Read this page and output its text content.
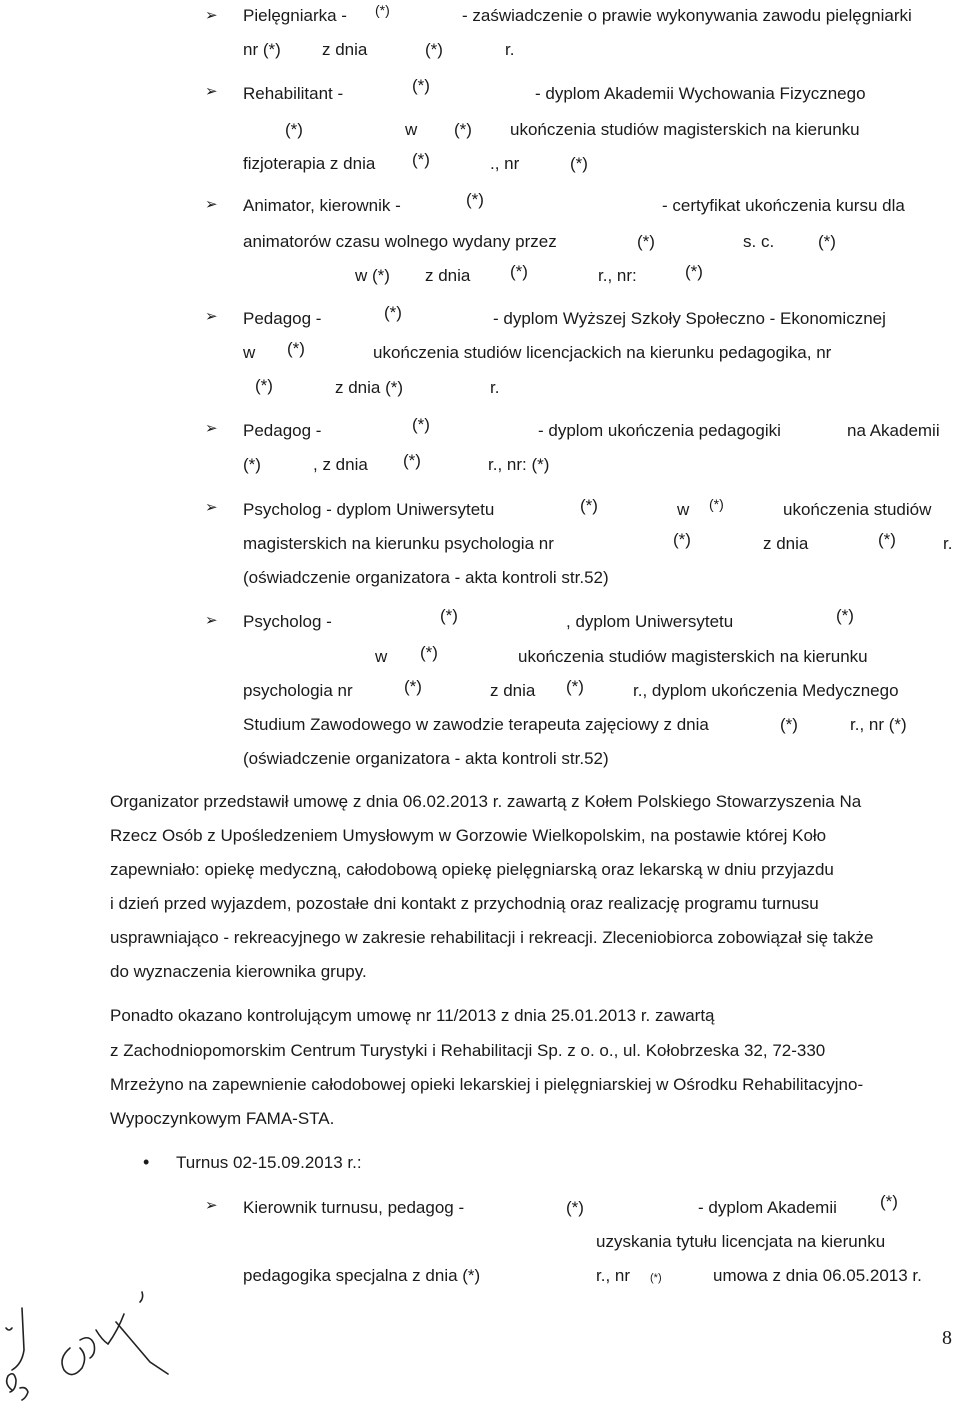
➢
➢
➢
➢
➢
➢
➢
➢
•
Pielęgniarka - (*)	- zaświadczenie o prawie wykonywania zawodu pielęgniarki
nr (*) z dnia	(*)	r.
Rehabilitant -	(*)	- dyplom Akademii Wychowania Fizycznego
(*)	w (*) ukończenia studiów magisterskich na kierunku
fizjoterapia z dnia (*)	., nr	(*)
Animator, kierownik -	(*)	- certyfikat ukończenia kursu dla
animatorów czasu wolnego wydany przez	(*)	s. c.	(*)
w (*) z dnia (*)	r., nr:	(*)
Pedagog -	(*)	- dyplom Wyższej Szkoły Społeczno - Ekonomicznej
w (*)	ukończenia studiów licencjackich na kierunku pedagogika, nr
(*)	z dnia (*)	r.
Pedagog -	(*)	- dyplom ukończenia pedagogiki	na Akademii
(*)	, z dnia (*)	r., nr: (*)
Psycholog - dyplom Uniwersytetu	(*)	w (*)	ukończenia studiów
magisterskich na kierunku psychologia nr	(*)	z dnia	(*)	r.
(oświadczenie organizatora - akta kontroli str.52)
Psycholog -	(*)	, dyplom Uniwersytetu	(*)
w (*)	ukończenia studiów magisterskich na kierunku
psychologia nr	(*)	z dnia (*)	r., dyplom ukończenia Medycznego
Studium Zawodowego w zawodzie terapeuta zajęciowy z dnia	(*)	r., nr (*)
(oświadczenie organizatora - akta kontroli str.52)
Organizator przedstawił umowę z dnia 06.02.2013 r. zawartą z Kołem Polskiego Stowarzyszenia Na
Rzecz Osób z Upośledzeniem Umysłowym w Gorzowie Wielkopolskim, na postawie której Koło
zapewniało: opiekę medyczną, całodobową opiekę pielęgniarską oraz lekarską w dniu przyjazdu
i dzień przed wyjazdem, pozostałe dni kontakt z przychodnią oraz realizację programu turnusu
usprawniająco - rekreacyjnego w zakresie rehabilitacji i rekreacji. Zleceniobiorca zobowiązał się także
do wyznaczenia kierownika grupy.
Ponadto okazano kontrolującym umowę nr 11/2013 z dnia 25.01.2013 r. zawartą
z Zachodniopomorskim Centrum Turystyki i Rehabilitacji Sp. z o. o., ul. Kołobrzeska 32, 72-330
Mrzeżyno na zapewnienie całodobowej opieki lekarskiej i pielęgniarskiej w Ośrodku Rehabilitacyjno-
Wypoczynkowym FAMA-STA.
Turnus 02-15.09.2013 r.:
Kierownik turnusu, pedagog -	(*)	- dyplom Akademii	(*)
uzyskania tytułu licencjata na kierunku
pedagogika specjalna z dnia (*)	r., nr (*)	umowa z dnia 06.05.2013 r.
8
